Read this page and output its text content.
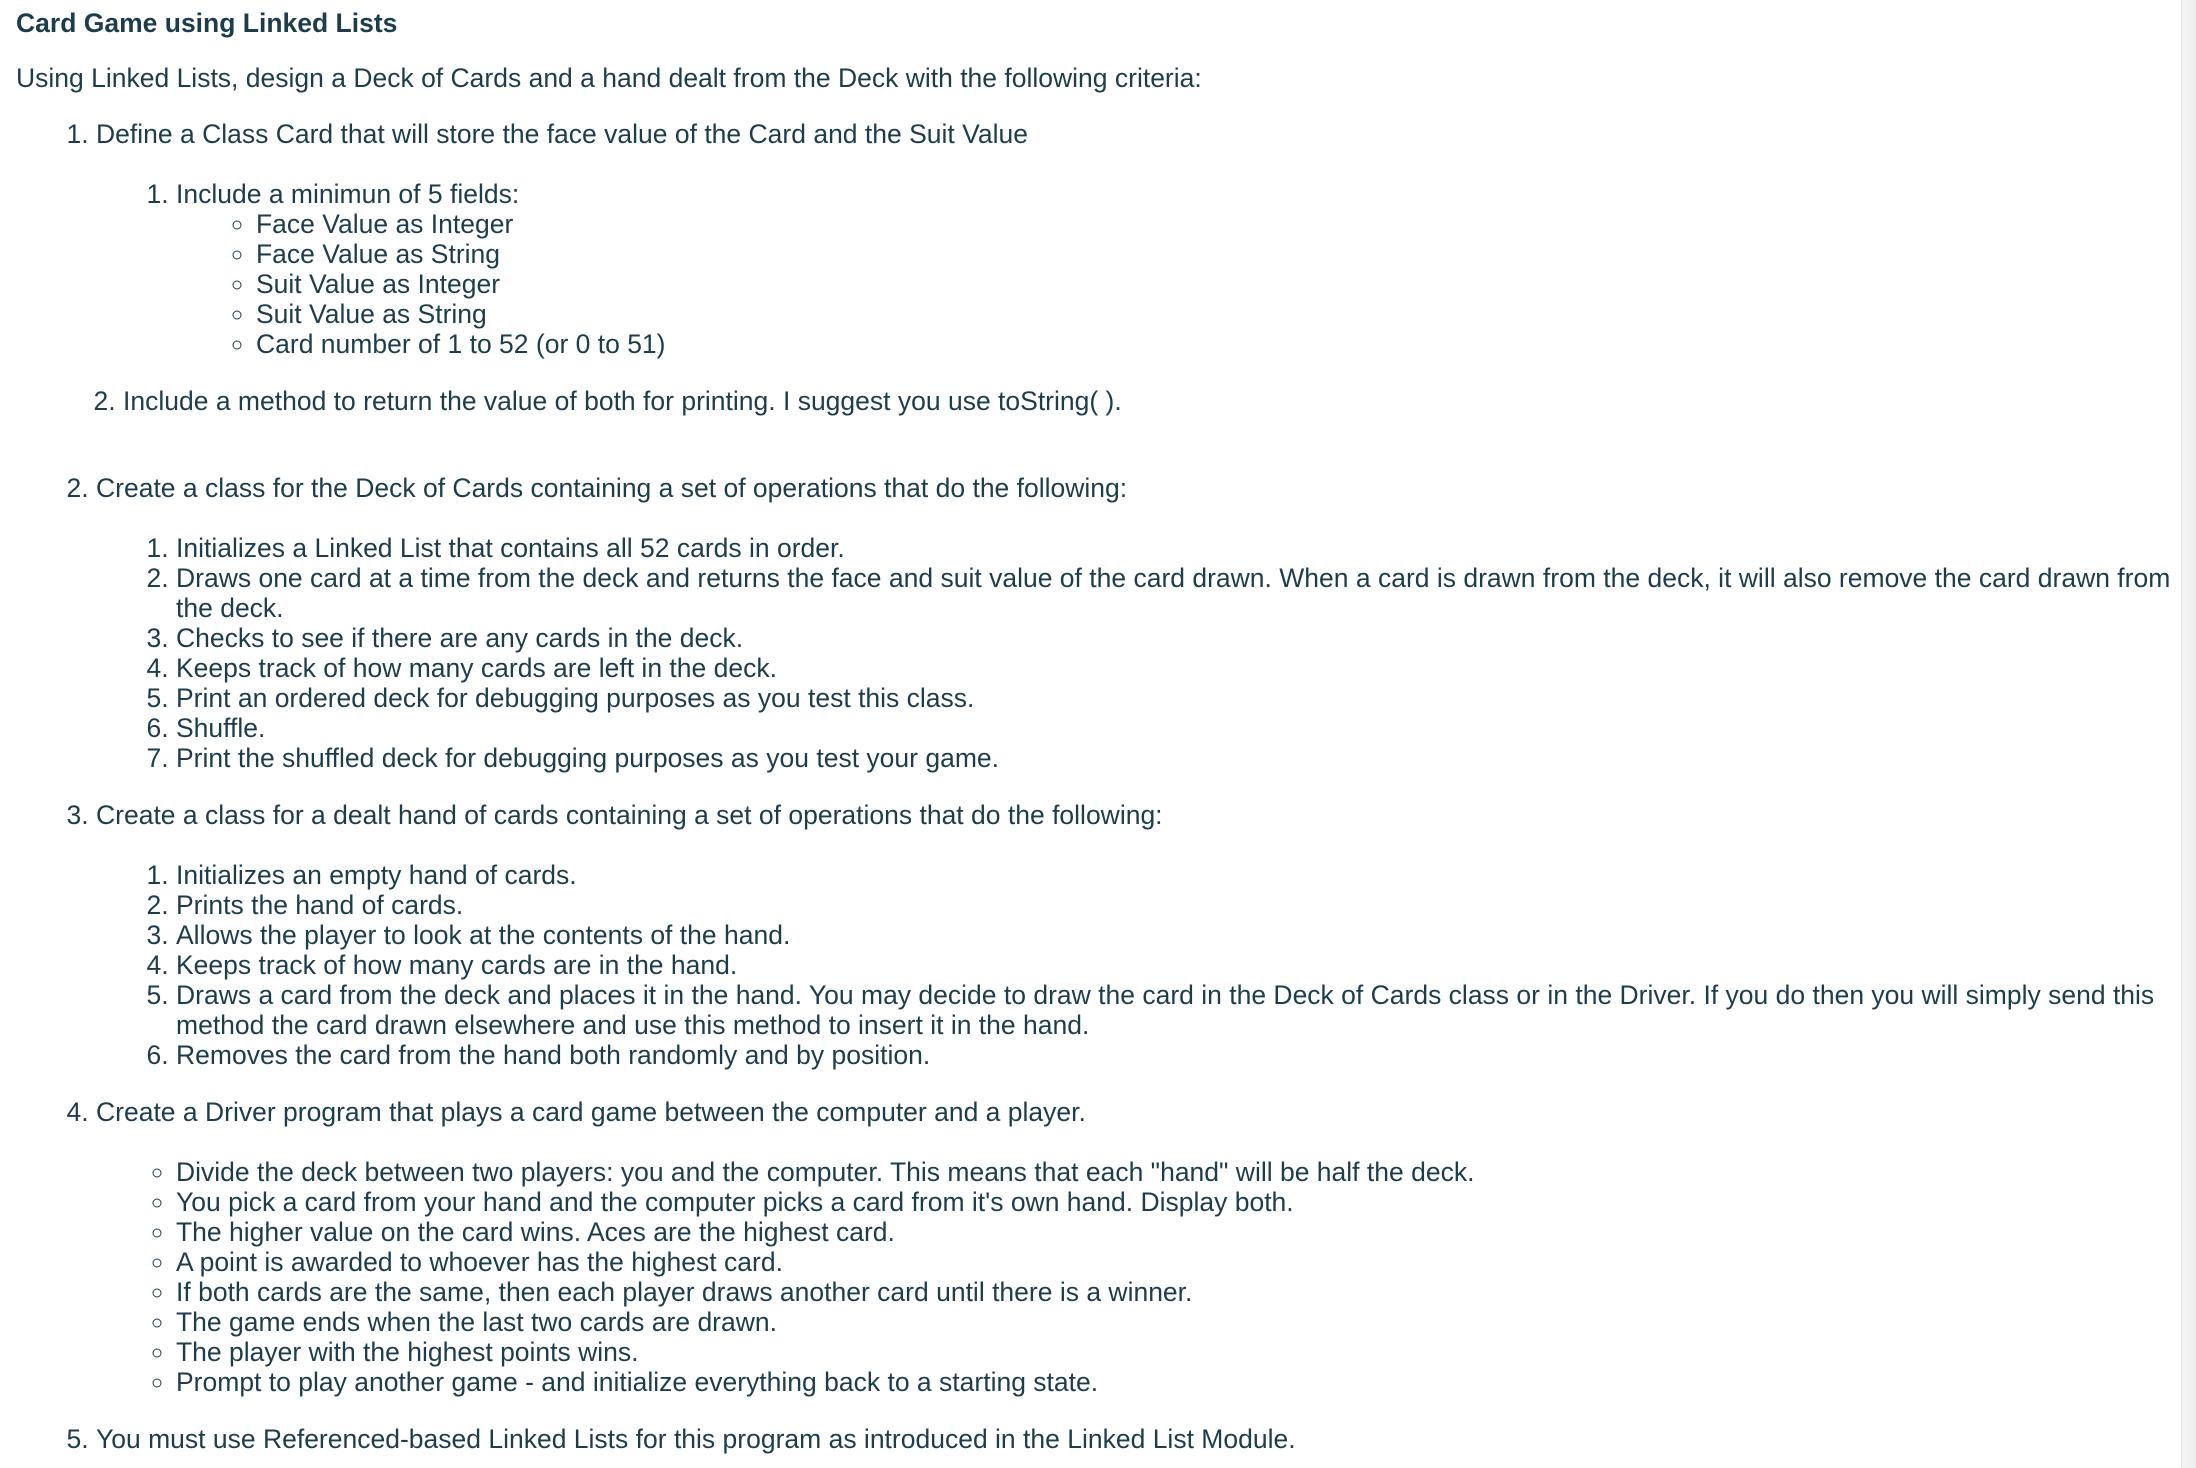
Card Game using Linked Lists

Using Linked Lists, design a Deck of Cards and a hand dealt from the Deck with the following criteria:

1. Define a Class Card that will store the face value of the Card and the Suit Value
1. Include a minimun of 5 fields:
◦ Face Value as Integer
◦ Face Value as String
◦ Suit Value as Integer
◦ Suit Value as String
◦ Card number of 1 to 52 (or 0 to 51)
2. Include a method to return the value of both for printing. I suggest you use toString( ).
2. Create a class for the Deck of Cards containing a set of operations that do the following:
1. Initializes a Linked List that contains all 52 cards in order.
2. Draws one card at a time from the deck and returns the face and suit value of the card drawn. When a card is drawn from the deck, it will also remove the card drawn from the deck.
3. Checks to see if there are any cards in the deck.
4. Keeps track of how many cards are left in the deck.
5. Print an ordered deck for debugging purposes as you test this class.
6. Shuffle.
7. Print the shuffled deck for debugging purposes as you test your game.
3. Create a class for a dealt hand of cards containing a set of operations that do the following:
1. Initializes an empty hand of cards.
2. Prints the hand of cards.
3. Allows the player to look at the contents of the hand.
4. Keeps track of how many cards are in the hand.
5. Draws a card from the deck and places it in the hand. You may decide to draw the card in the Deck of Cards class or in the Driver. If you do then you will simply send this method the card drawn elsewhere and use this method to insert it in the hand.
6. Removes the card from the hand both randomly and by position.
4. Create a Driver program that plays a card game between the computer and a player.
◦ Divide the deck between two players: you and the computer. This means that each "hand" will be half the deck.
◦ You pick a card from your hand and the computer picks a card from it's own hand. Display both.
◦ The higher value on the card wins. Aces are the highest card.
◦ A point is awarded to whoever has the highest card.
◦ If both cards are the same, then each player draws another card until there is a winner.
◦ The game ends when the last two cards are drawn.
◦ The player with the highest points wins.
◦ Prompt to play another game - and initialize everything back to a starting state.
5. You must use Referenced-based Linked Lists for this program as introduced in the Linked List Module.
